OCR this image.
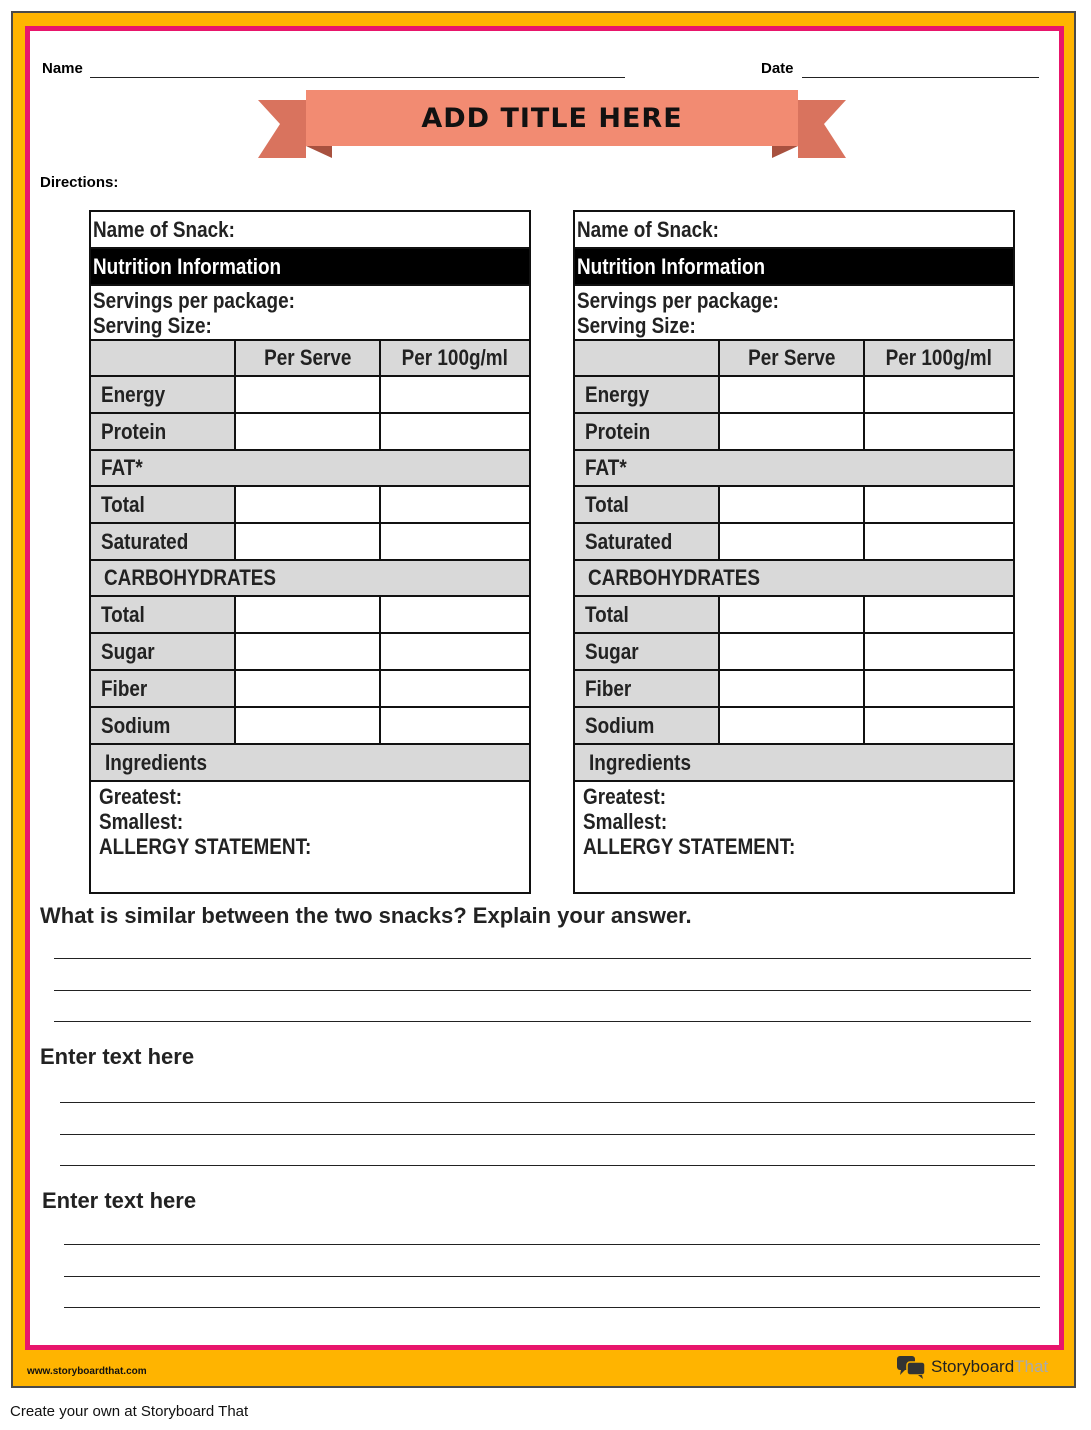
Name	Date
ADD TITLE HERE
Directions:
Name of Snack:		
Nutrition Information		
Servings per package:
Serving Size:		
	Per Serve	Per 100g/ml
Energy		
Protein		
FAT*		
Total		
Saturated		
CARBOHYDRATES		
Total		
Sugar		
Fiber		
Sodium		
Ingredients		
Greatest:
Smallest:
ALLERGY STATEMENT:		
Name of Snack:		
Nutrition Information		
Servings per package:
Serving Size:		
	Per Serve	Per 100g/ml
Energy		
Protein		
FAT*		
Total		
Saturated		
CARBOHYDRATES		
Total		
Sugar		
Fiber		
Sodium		
Ingredients		
Greatest:
Smallest:
ALLERGY STATEMENT:		
What is similar between the two snacks? Explain your answer.
Enter text here
Enter text here
www.storyboardthat.com	StoryboardThat
Create your own at Storyboard That
